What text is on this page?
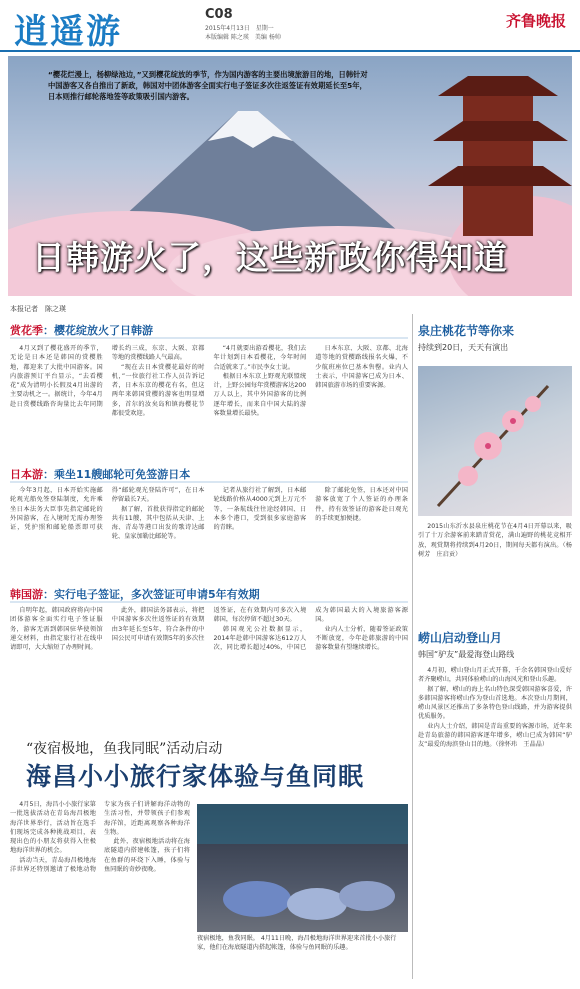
逍遥游	C08
2015年4月13日　星期一
本版编辑 陈之瑛　美编 杨帅
齐鲁晚报
“樱花烂漫上，杨柳绿池边，”又到樱花绽放的季节，作为国内游客的主要出境旅游目的地，日韩针对中国游客又各自推出了新政，韩国对中团体游客全面实行电子签证多次往返签证有效期延长至5年，日本则推行邮轮落地签等政策吸引国内游客。
日韩游火了，这些新政你得知道
本报记者　陈之瑛
赏花季：樱花绽放火了日韩游

4月又到了樱花盛开的季节，无论是日本还是韩国的赏樱胜地，都迎来了大批中国游客。国内旅游预订平台显示，“去看樱花”成为清明小长假及4月出游的主要动机之一。据统计，今年4月赴日赏樱线路咨询量比去年同期增长约三成，东京、大阪、京都等地的赏樱线路人气最高。

“现在去日本赏樱花最好的时机，”一位旅行社工作人员告诉记者，日本东京的樱花有名，但这两年来韩国赏樱的游客也明显增多，首尔的汝矣岛和镇海樱花节都很受欢迎。

“4月就要出游看樱花，我们去年计划到日本看樱花，今年时间合适就来了。”市民李女士说。

根据日本东京上野观光联盟统计，上野公园每年赏樱游客达200万人以上，其中外国游客的比例逐年增长，而来自中国大陆的游客数量增长最快。

日本东京、大阪、京都、北海道等地的赏樱路线报名火爆，不少航班座位已基本售罄。业内人士表示，中国游客已成为日本、韩国旅游市场的重要客源。

日本游：乘坐11艘邮轮可免签游日本

今年3月起，日本开始实施邮轮观光船免签登陆制度，允许乘坐日本法务大臣事先指定邮轮的外国游客，在入境时无需办理签证，凭护照和邮轮船票即可获得“邮轮观光登陆许可”，在日本停留最长7天。

据了解，首批获得指定的邮轮共有11艘，其中包括从天津、上海、青岛等港口出发的歌诗达邮轮、皇家加勒比邮轮等。

记者从旅行社了解到，日本邮轮线路价格从4000元到上万元不等，一条航线往往途经韩国、日本多个港口，受到很多家庭游客的青睐。

除了邮轮免签，日本还对中国游客放宽了个人签证的办理条件，持有效签证的游客赴日观光的手续更加便捷。

韩国游：实行电子签证，多次签证可申请5年有效期

自明年起，韩国政府将向中国团体游客全面实行电子签证服务，游客无需到韩国驻华使领馆递交材料，由指定旅行社在线申请即可，大大缩短了办理时间。

此外，韩国法务部表示，将把中国游客多次往返签证的有效期由3年延长至5年，符合条件的中国公民可申请有效期5年的多次往返签证，在有效期内可多次入境韩国，每次停留不超过30天。

韩国观光公社数据显示，2014年赴韩中国游客达612万人次，同比增长超过40%，中国已成为韩国最大的入境旅游客源国。

业内人士分析，随着签证政策不断放宽，今年赴韩旅游的中国游客数量有望继续增长。

泉庄桃花节等你来
持续到20日，天天有演出

2015山东沂水县泉庄桃花节在4月4日开幕以来，吸引了十万余游客前来踏青赏花，满山遍野的桃花竞相开放，观赏期将持续到4月20日，期间每天都有演出。（杨树芳　庄启贡）

崂山启动登山月
韩国“驴友”最爱海登山路线

4月初，崂山登山月正式开幕，千余名韩国登山爱好者齐聚崂山，共同体验崂山的山海风光和登山乐趣。

据了解，崂山的海上名山特色深受韩国游客喜爱，许多韩国游客将崂山作为登山首选地。本次登山月期间，崂山风景区还推出了多条特色登山线路，并为游客提供优质服务。

业内人士介绍，韩国是青岛重要的客源市场，近年来赴青岛旅游的韩国游客逐年增多，崂山已成为韩国“驴友”最爱的海滨登山目的地。（徐怀玮　王晶晶）

“夜宿极地，鱼我同眠”活动启动
海昌小小旅行家体验与鱼同眠

4月5日，海昌小小旅行家第一批选拔活动在青岛海昌极地海洋世界举行，活动旨在选手们现场完成各种挑战项目，表现出色的小朋友将获得入住极地海洋世界的机会。

活动当天，青岛海昌极地海洋世界还特别邀请了极地动物专家为孩子们讲解海洋动物的生活习性，并带领孩子们参观海洋馆，近距离观察各种海洋生物。

此外，夜宿极地活动将在海底隧道内搭建帐篷，孩子们将在鱼群的环绕下入睡，体验与鱼同眠的奇妙夜晚。

夜宿极地，鱼我同眠。 4月11日晚，海昌极地海洋世界迎来首批小小旅行家，他们在海底隧道内搭起帐篷，体验与鱼同眠的乐趣。
